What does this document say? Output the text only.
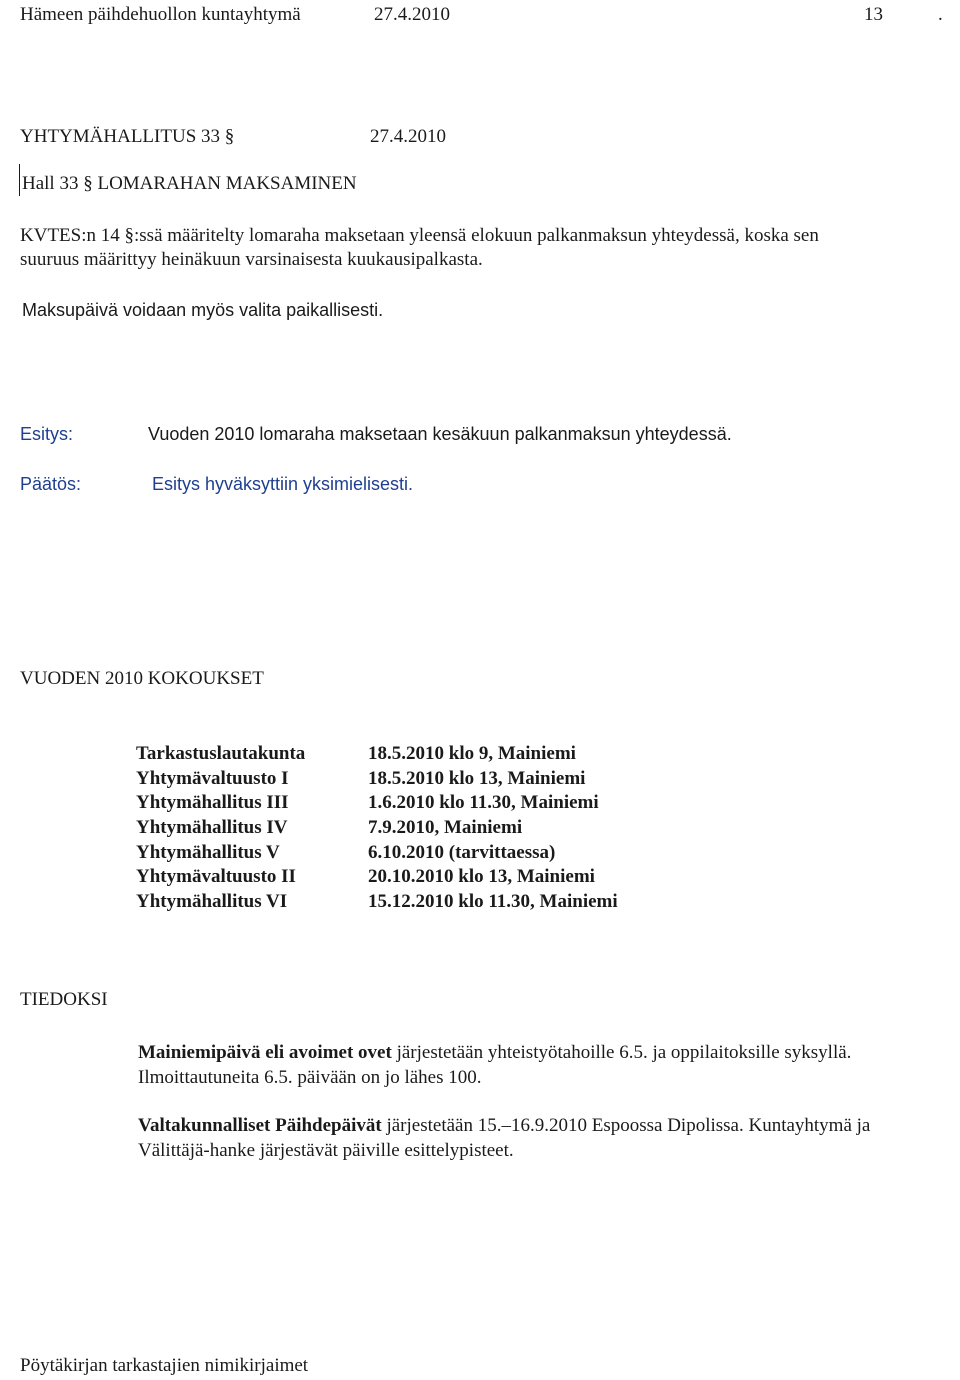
Hämeen päihdehuollon kuntayhtymä	27.4.2010	13	.
YHTYMÄHALLITUS 33 §	27.4.2010
Hall 33 § LOMARAHAN MAKSAMINEN
KVTES:n 14 §:ssä määritelty lomaraha maksetaan yleensä elokuun palkanmaksun yhteydessä, koska sen suuruus määrittyy heinäkuun varsinaisesta kuukausipalkasta.
Maksupäivä voidaan myös valita paikallisesti.
Esitys:	Vuoden 2010 lomaraha maksetaan kesäkuun palkanmaksun yhteydessä.
Päätös:	Esitys hyväksyttiin yksimielisesti.
VUODEN 2010 KOKOUKSET
Tarkastuslautakunta	18.5.2010 klo 9, Mainiemi
Yhtymävaltuusto I	18.5.2010 klo 13, Mainiemi
Yhtymähallitus III	1.6.2010 klo 11.30, Mainiemi
Yhtymähallitus IV	7.9.2010, Mainiemi
Yhtymähallitus V	6.10.2010 (tarvittaessa)
Yhtymävaltuusto II	20.10.2010 klo 13, Mainiemi
Yhtymähallitus VI	15.12.2010 klo 11.30, Mainiemi
TIEDOKSI
Mainiemipäivä eli avoimet ovet järjestetään yhteistyötahoille 6.5. ja oppilaitoksille syksyllä. Ilmoittautuneita 6.5. päivään on jo lähes 100.
Valtakunnalliset Päihdepäivät järjestetään 15.–16.9.2010 Espoossa Dipolissa. Kuntayhtymä ja Välittäjä-hanke järjestävät päiville esittelypisteet.
Pöytäkirjan tarkastajien nimikirjaimet
